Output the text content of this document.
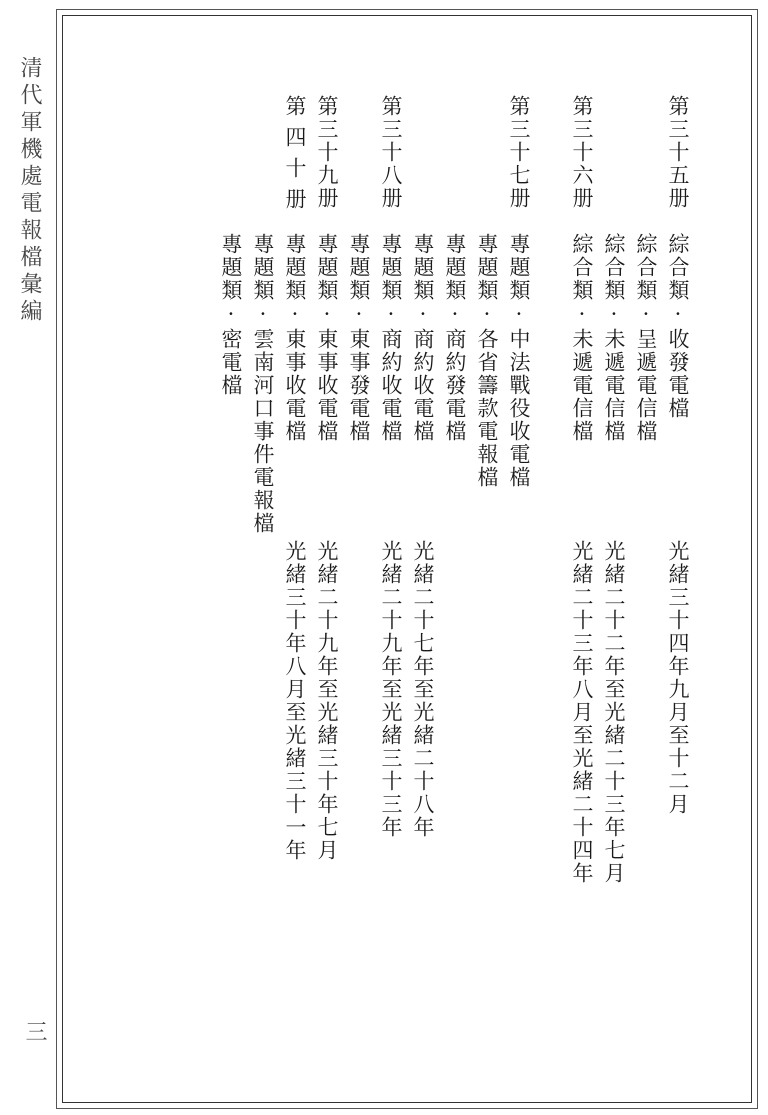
清代軍機處電報檔彙編
三
第三十五册
綜合類·收發電檔
光緒三十四年九月至十二月
綜合類·呈遞電信檔
綜合類·未遞電信檔
光緒二十二年至光緒二十三年七月
第三十六册
綜合類·未遞電信檔
光緒二十三年八月至光緒二十四年
第三十七册
專題類·中法戰役收電檔
專題類·各省籌款電報檔
專題類·商約發電檔
專題類·商約收電檔
光緒二十七年至光緒二十八年
第三十八册
專題類·商約收電檔
光緒二十九年至光緒三十三年
專題類·東事發電檔
第三十九册
專題類·東事收電檔
光緒二十九年至光緒三十年七月
第四十册
專題類·東事收電檔
光緒三十年八月至光緒三十一年
專題類·雲南河口事件電報檔
專題類·密電檔
